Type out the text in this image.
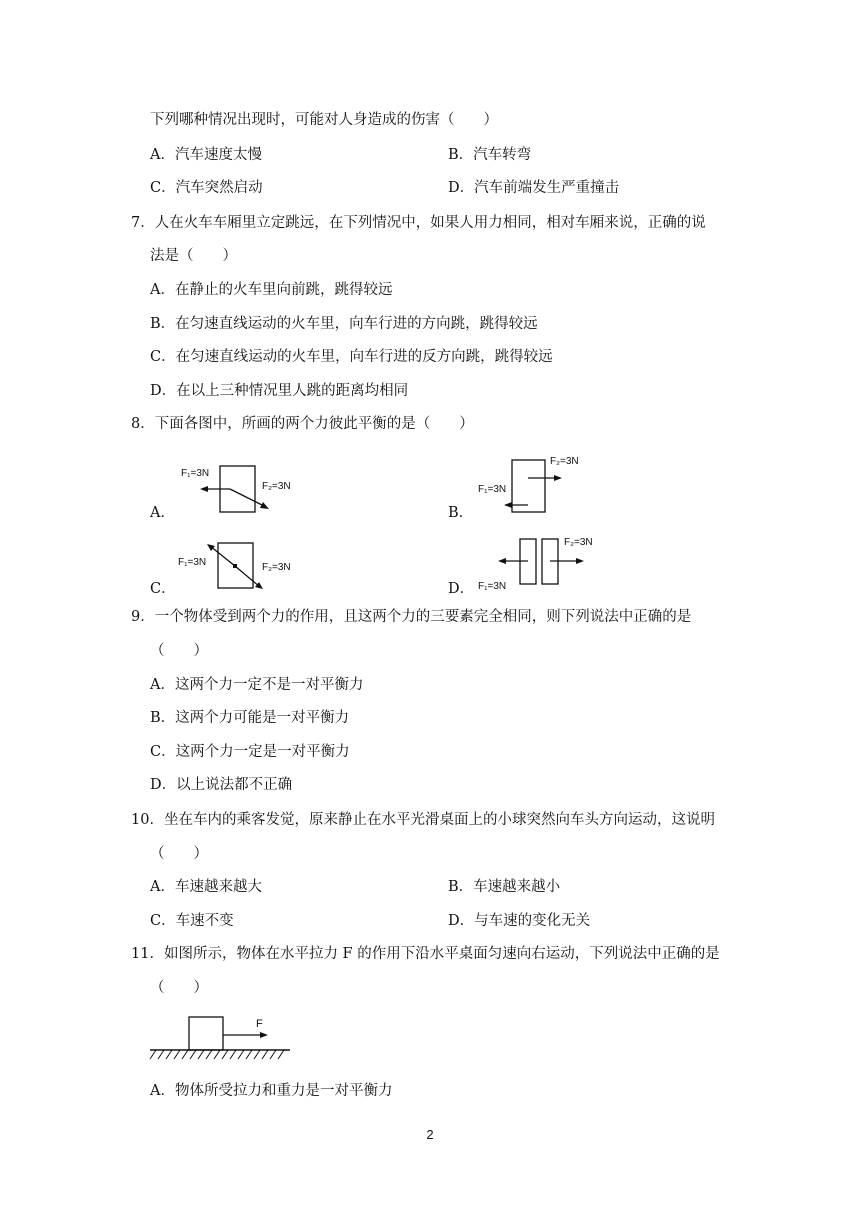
下列哪种情况出现时，可能对人身造成的伤害（　　）
A．汽车速度太慢	B．汽车转弯
C．汽车突然启动	D．汽车前端发生严重撞击
7．人在火车车厢里立定跳远，在下列情况中，如果人用力相同，相对车厢来说，正确的说
法是（　　）
A．在静止的火车里向前跳，跳得较远
B．在匀速直线运动的火车里，向车行进的方向跳，跳得较远
C．在匀速直线运动的火车里，向车行进的反方向跳，跳得较远
D．在以上三种情况里人跳的距离均相同
8．下面各图中，所画的两个力彼此平衡的是（　　）
A．
F₁=3N
F₂=3N
B．
F₂=3N
F₁=3N
C．
F₁=3N	F₂=3N
D．
F₂=3N
F₁=3N
9．一个物体受到两个力的作用，且这两个力的三要素完全相同，则下列说法中正确的是
（　　）
A．这两个力一定不是一对平衡力
B．这两个力可能是一对平衡力
C．这两个力一定是一对平衡力
D．以上说法都不正确
10．坐在车内的乘客发觉，原来静止在水平光滑桌面上的小球突然向车头方向运动，这说明
（　　）
A．车速越来越大	B．车速越来越小
C．车速不变	D．与车速的变化无关
11．如图所示，物体在水平拉力 F 的作用下沿水平桌面匀速向右运动，下列说法中正确的是
（　　）
F
A．物体所受拉力和重力是一对平衡力
2
